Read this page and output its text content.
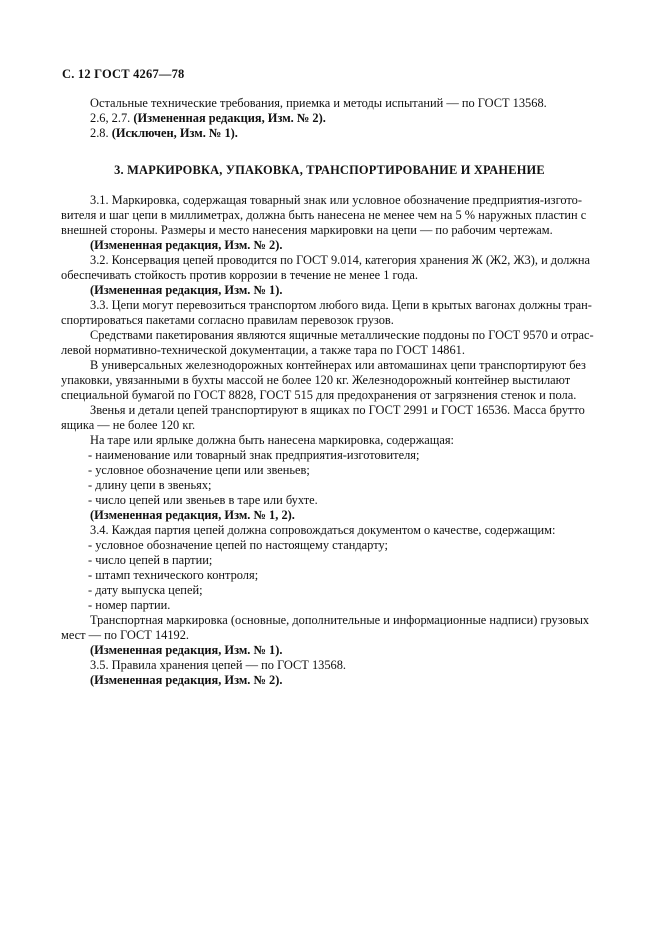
С. 12 ГОСТ 4267—78
Остальные технические требования, приемка и методы испытаний — по ГОСТ 13568.
2.6, 2.7. (Измененная редакция, Изм. № 2).
2.8. (Исключен, Изм. № 1).
3. МАРКИРОВКА, УПАКОВКА, ТРАНСПОРТИРОВАНИЕ И ХРАНЕНИЕ
3.1. Маркировка, содержащая товарный знак или условное обозначение предприятия-изгото-
вителя и шаг цепи в миллиметрах, должна быть нанесена не менее чем на 5 % наружных пластин с
внешней стороны. Размеры и место нанесения маркировки на цепи — по рабочим чертежам.
(Измененная редакция, Изм. № 2).
3.2. Консервация цепей проводится по ГОСТ 9.014, категория хранения Ж (Ж2, Ж3), и должна
обеспечивать стойкость против коррозии в течение не менее 1 года.
(Измененная редакция, Изм. № 1).
3.3. Цепи могут перевозиться транспортом любого вида. Цепи в крытых вагонах должны тран-
спортироваться пакетами согласно правилам перевозок грузов.
Средствами пакетирования являются ящичные металлические поддоны по ГОСТ 9570 и отрас-
левой нормативно-технической документации, а также тара по ГОСТ 14861.
В универсальных железнодорожных контейнерах или автомашинах цепи транспортируют без
упаковки, увязанными в бухты массой не более 120 кг. Железнодорожный контейнер выстилают
специальной бумагой по ГОСТ 8828, ГОСТ 515 для предохранения от загрязнения стенок и пола.
Звенья и детали цепей транспортируют в ящиках по ГОСТ 2991 и ГОСТ 16536. Масса брутто
ящика — не более 120 кг.
На таре или ярлыке должна быть нанесена маркировка, содержащая:
- наименование или товарный знак предприятия-изготовителя;
- условное обозначение цепи или звеньев;
- длину цепи в звеньях;
- число цепей или звеньев в таре или бухте.
(Измененная редакция, Изм. № 1, 2).
3.4. Каждая партия цепей должна сопровождаться документом о качестве, содержащим:
- условное обозначение цепей по настоящему стандарту;
- число цепей в партии;
- штамп технического контроля;
- дату выпуска цепей;
- номер партии.
Транспортная маркировка (основные, дополнительные и информационные надписи) грузовых
мест — по ГОСТ 14192.
(Измененная редакция, Изм. № 1).
3.5. Правила хранения цепей — по ГОСТ 13568.
(Измененная редакция, Изм. № 2).
